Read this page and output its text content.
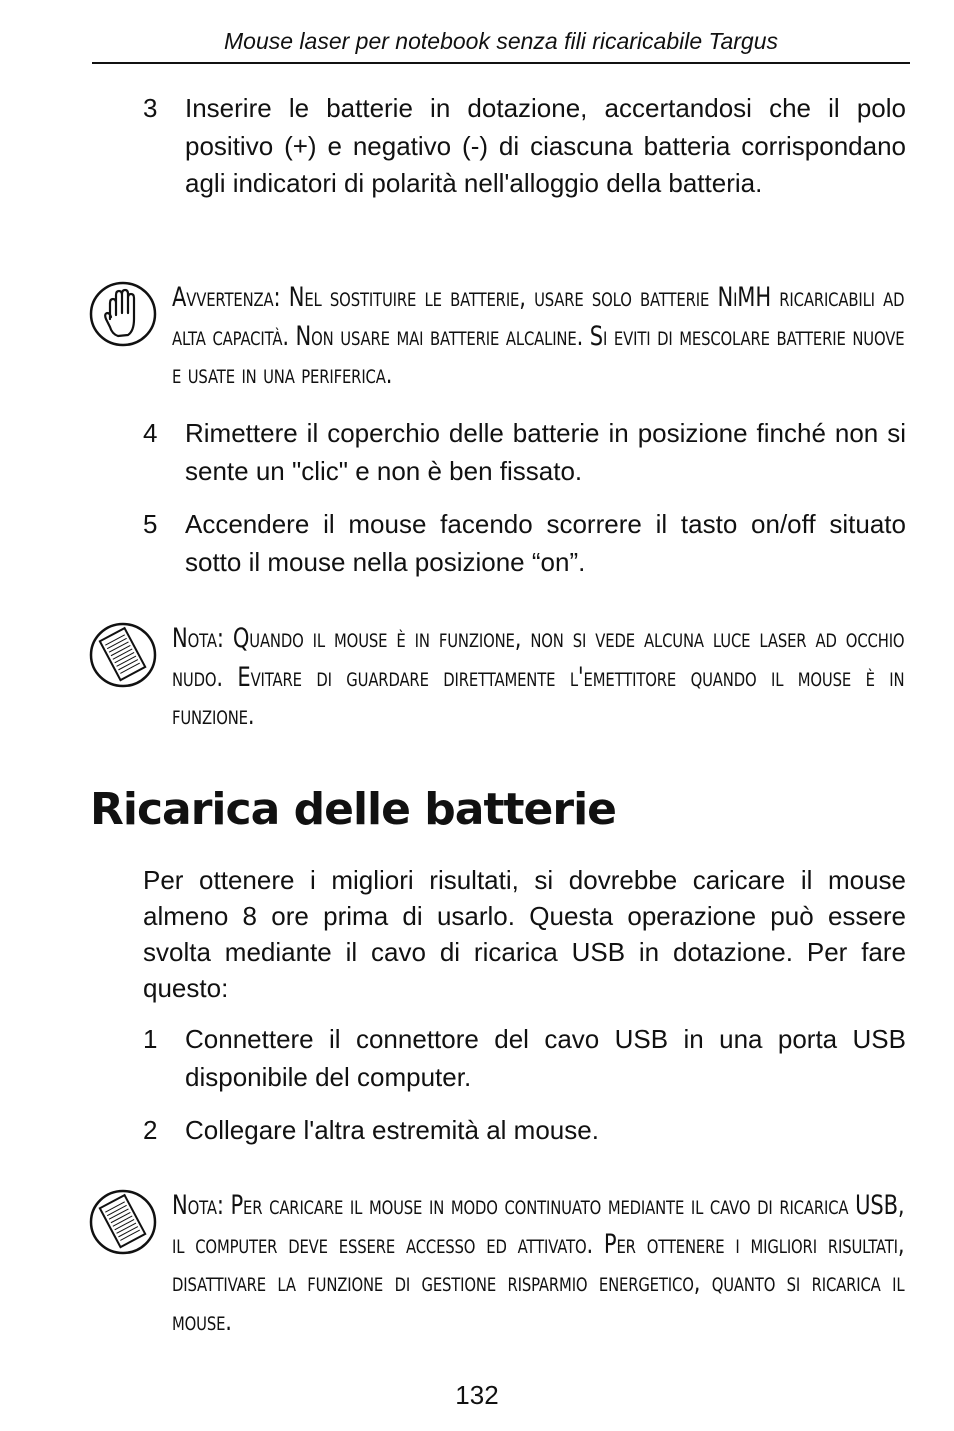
Mouse laser per notebook senza fili ricaricabile Targus
3 Inserire le batterie in dotazione, accertandosi che il polo positivo (+) e negativo (-) di ciascuna batteria corrispondano agli indicatori di polarità nell'alloggio della batteria.
Avvertenza: Nel sostituire le batterie, usare solo batterie NiMH ricaricabili ad alta capacità. Non usare mai batterie alcaline. Si eviti di mescolare batterie nuove e usate in una periferica.
4 Rimettere il coperchio delle batterie in posizione finché non si sente un "clic" e non è ben fissato.
5 Accendere il mouse facendo scorrere il tasto on/off situato sotto il mouse nella posizione “on”.
Nota: Quando il mouse è in funzione, non si vede alcuna luce laser ad occhio nudo. Evitare di guardare direttamente l'emettitore quando il mouse è in funzione.
Ricarica delle batterie
Per ottenere i migliori risultati, si dovrebbe caricare il mouse almeno 8 ore prima di usarlo. Questa operazione può essere svolta mediante il cavo di ricarica USB in dotazione. Per fare questo:
1 Connettere il connettore del cavo USB in una porta USB disponibile del computer.
2 Collegare l'altra estremità al mouse.
Nota: Per caricare il mouse in modo continuato mediante il cavo di ricarica USB, il computer deve essere accesso ed attivato. Per ottenere i migliori risultati, disattivare la funzione di gestione risparmio energetico, quanto si ricarica il mouse.
132
